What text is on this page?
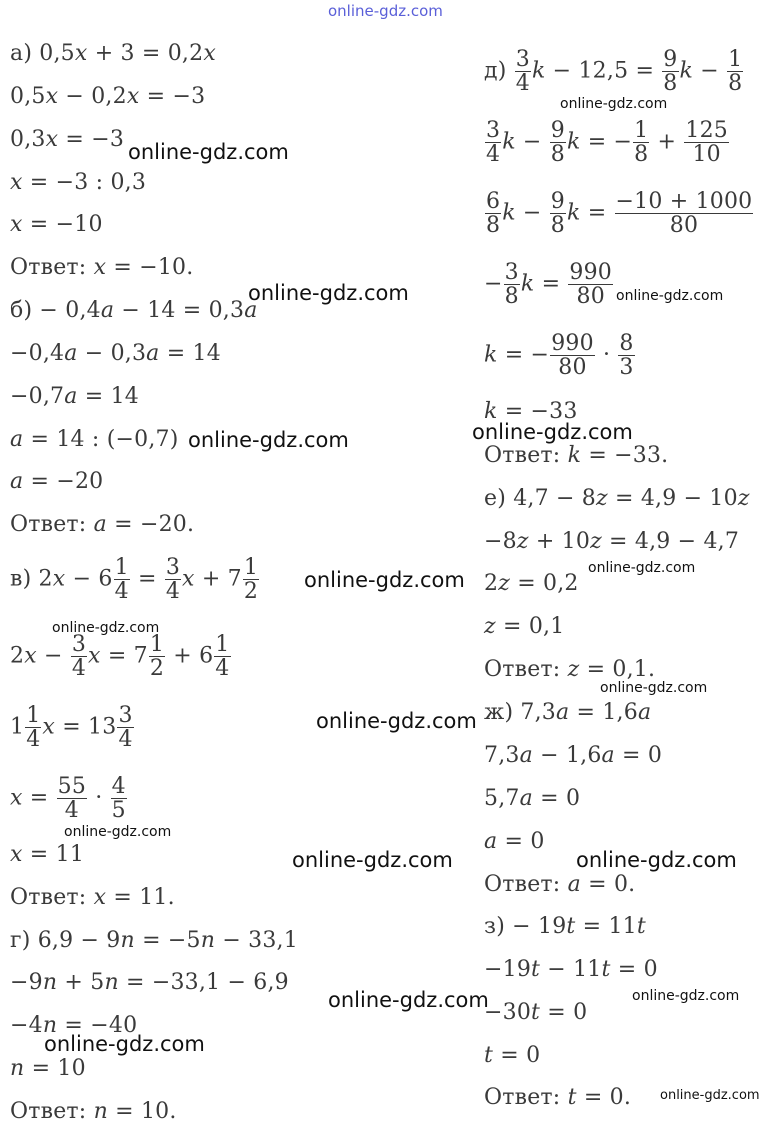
online-gdz.com
а) 0,5x + 3 = 0,2x
0,5x − 0,2x = −3
0,3x = −3
x = −3 : 0,3
x = −10
Ответ: x = −10.
б) − 0,4a − 14 = 0,3a
−0,4a − 0,3a = 14
−0,7a = 14
a = 14 : (−0,7)
a = −20
Ответ: a = −20.
в) $2x - 6 \frac{1}{4} = \frac{3}{4}$ $x + 7 \frac{1}{2}$
$2x - \frac{3}{4}$ $x = 7 \frac{1}{2} + 6 \frac{1}{4}$
$1 \frac{1}{4}$ $x = 13 \frac{3}{4}$
$x = \frac{55}{4} \cdot \frac{4}{5}$
x = 11
Ответ: x = 11.
г) 6,9 − 9n = −5n − 33,1
−9n + 5n = −33,1 − 6,9
−4n = −40
n = 10
Ответ: n = 10.
$д) \frac{3}{4}$ $k - 12,5 = \frac{9}{8}$ $k - \frac{1}{8}$
$\frac{3}{4}$ $k - \frac{9}{8}$ k = − $\frac{1}{8} + \frac{125}{10}$
$\frac{6}{8}$ $k - \frac{9}{8}$ $k = \frac{-10 + 1000}{80}$
− $\frac{3}{8}$ $k = \frac{990}{80}$
k = − $\frac{990}{80} \cdot \frac{8}{3}$
k = −33
Ответ: k = −33.
е) 4,7 − 8z = 4,9 − 10z
−8z + 10z = 4,9 − 4,7
2z = 0,2
z = 0,1
Ответ: z = 0,1.
ж) 7,3a = 1,6a
7,3a − 1,6a = 0
5,7a = 0
a = 0
Ответ: a = 0.
з) − 19t = 11t
−19t − 11t = 0
−30t = 0
t = 0
Ответ: t = 0.
online-gdz.com
online-gdz.com
online-gdz.com
online-gdz.com
online-gdz.com
online-gdz.com
online-gdz.com
online-gdz.com
online-gdz.com
online-gdz.com
online-gdz.com
online-gdz.com
online-gdz.com
online-gdz.com
online-gdz.com
online-gdz.com
online-gdz.com
online-gdz.com
